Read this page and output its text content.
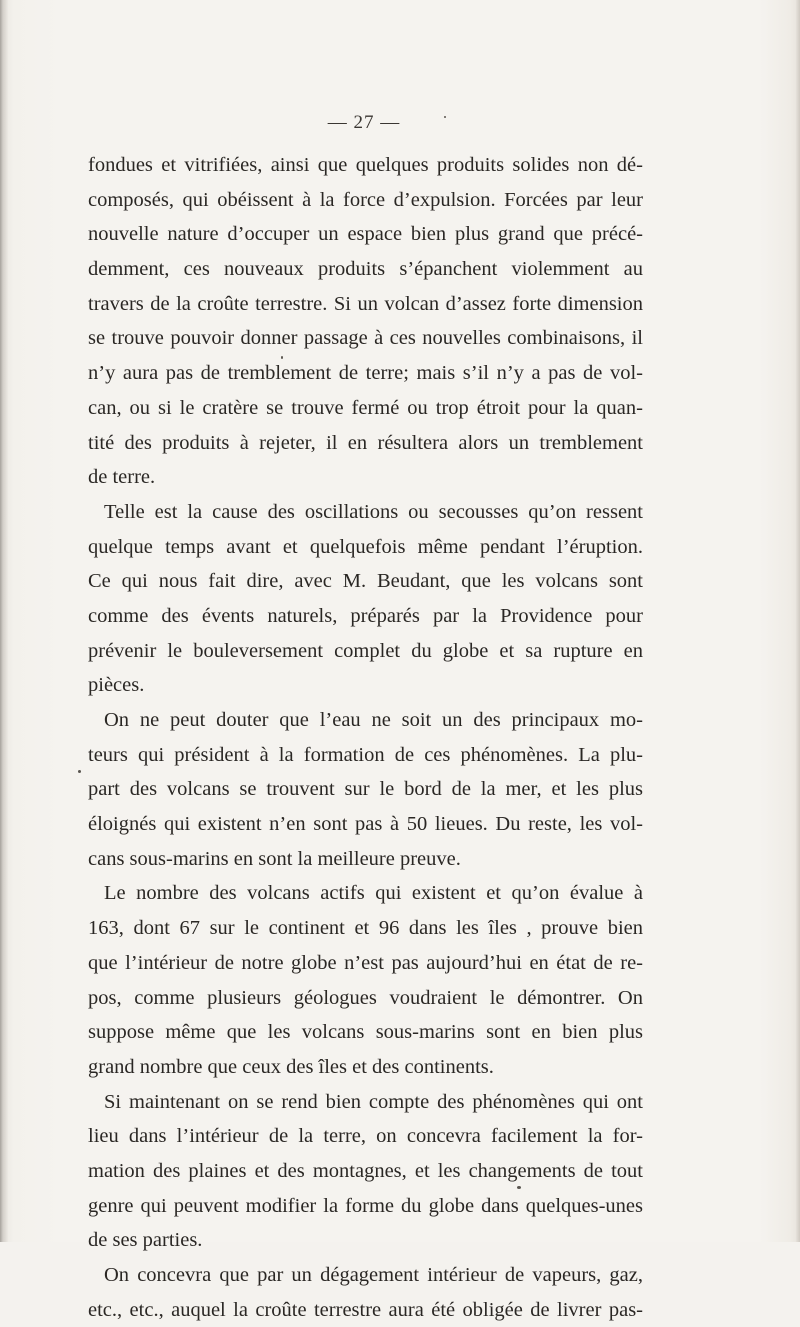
— 27 —
fondues et vitrifiées, ainsi que quelques produits solides non dé-
composés, qui obéissent à la force d’expulsion. Forcées par leur
nouvelle nature d’occuper un espace bien plus grand que précé-
demment, ces nouveaux produits s’épanchent violemment au
travers de la croûte terrestre. Si un volcan d’assez forte dimension
se trouve pouvoir donner passage à ces nouvelles combinaisons, il
n’y aura pas de tremblement de terre; mais s’il n’y a pas de vol-
can, ou si le cratère se trouve fermé ou trop étroit pour la quan-
tité des produits à rejeter, il en résultera alors un tremblement
de terre.
Telle est la cause des oscillations ou secousses qu’on ressent
quelque temps avant et quelquefois même pendant l’éruption.
Ce qui nous fait dire, avec M. Beudant, que les volcans sont
comme des évents naturels, préparés par la Providence pour
prévenir le bouleversement complet du globe et sa rupture en
pièces.
On ne peut douter que l’eau ne soit un des principaux mo-
teurs qui président à la formation de ces phénomènes. La plu-
part des volcans se trouvent sur le bord de la mer, et les plus
éloignés qui existent n’en sont pas à 50 lieues. Du reste, les vol-
cans sous-marins en sont la meilleure preuve.
Le nombre des volcans actifs qui existent et qu’on évalue à
163, dont 67 sur le continent et 96 dans les îles , prouve bien
que l’intérieur de notre globe n’est pas aujourd’hui en état de re-
pos, comme plusieurs géologues voudraient le démontrer. On
suppose même que les volcans sous-marins sont en bien plus
grand nombre que ceux des îles et des continents.
Si maintenant on se rend bien compte des phénomènes qui ont
lieu dans l’intérieur de la terre, on concevra facilement la for-
mation des plaines et des montagnes, et les changements de tout
genre qui peuvent modifier la forme du globe dans quelques-unes
de ses parties.
On concevra que par un dégagement intérieur de vapeurs, gaz,
etc., etc., auquel la croûte terrestre aura été obligée de livrer pas-
